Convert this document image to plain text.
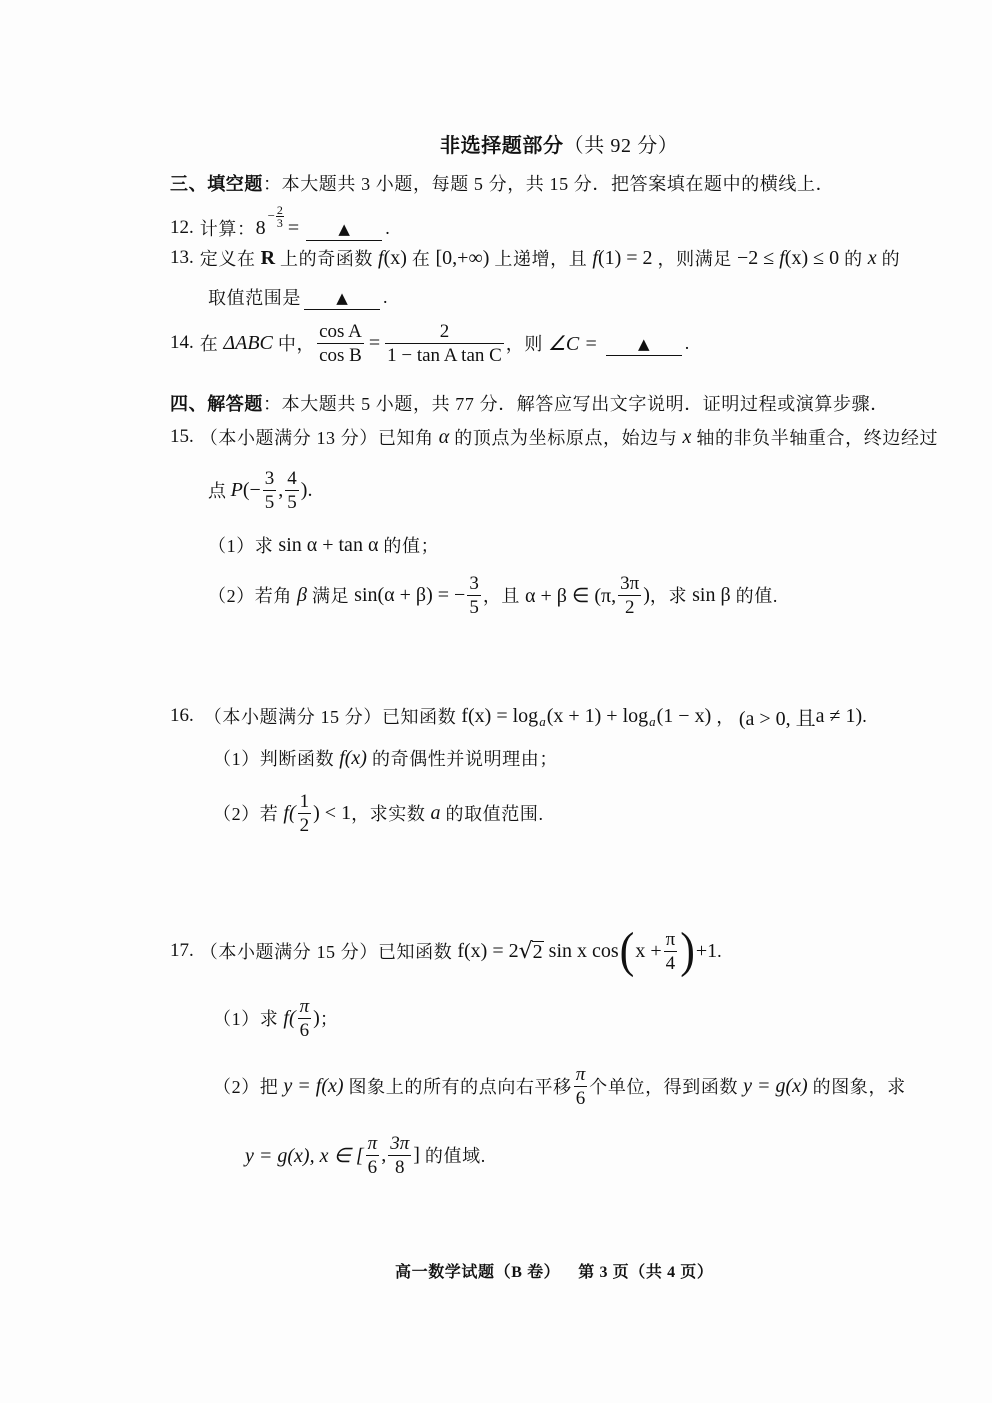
非选择题部分 （共 92 分）
三、填空题 ：本大题共 3 小题，每题 5 分，共 15 分．把答案填在题中的横线上．
12. 计算： 8
− $\frac{2}{3}$ =	▲	.
13. 定义在 R 上的奇函数 f (x) 在 [0,+∞) 上递增，且 f (1) = 2 ，则满足 −2 ≤ f (x) ≤ 0 的 x 的
取值范围是	▲	.
14. 在 ΔABC 中， $\frac{\text{cos A}}{\text{cos B}} = \frac{2}{\text{1 − tan A tan C}}$ ，则 ∠C =	▲	.
四、解答题 ：本大题共 5 小题，共 77 分．解答应写出文字说明．证明过程或演算步骤．
15. （本小题满分 13 分）已知角 α 的顶点为坐标原点，始边与 x 轴的非负半轴重合，终边经过
点 P (− $\frac{3}{5}$ , $\frac{4}{5}$ ).
（1）求 sin α + tan α 的值；
（2）若角 β 满足 sin(α + β) = − $\frac{3}{5}$ ，且 α + β ∈ (π, $\frac{3\pi}{2}$ ) ，求 sin β 的值.
16. （本小题满分 15 分）已知函数 f(x) = log a (x + 1) + log a (1 − x) ， (a > 0, 且 a ≠ 1) .
（1）判断函数 f(x) 的奇偶性并说明理由；
（2）若 $f( \frac{1}{2}$ ) < 1 ，求实数 a 的取值范围.
17. （本小题满分 15 分）已知函数 f(x) = 2 √ 2 sin x cos ( $x + \frac{\pi}{4}$ ) +1 .
（1）求 $f( \frac{\pi}{6}$ ) ；
（2）把 y = f(x) 图象上的所有的点向右平移 $\frac{\pi}{6}$ 个单位，得到函数 y = g(x) 的图象，求
y = g(x), x ∈ [ $\frac{\pi}{6}$ , $\frac{3\pi}{8}$ ] 的值域.
高一数学试题（B 卷） 第 3 页（共 4 页）
